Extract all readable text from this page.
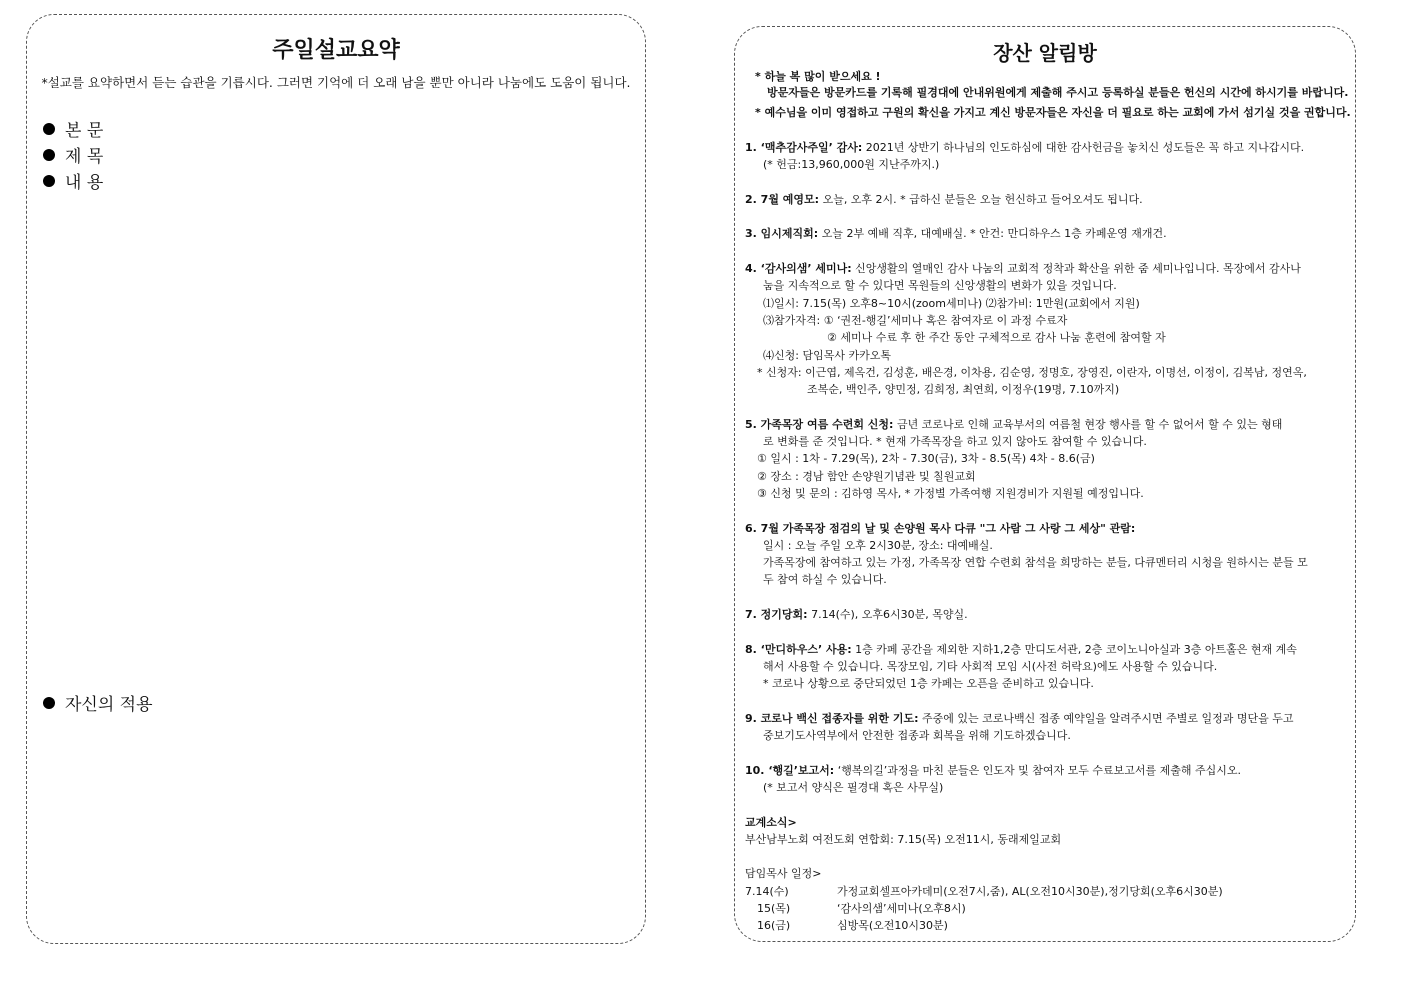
주일설교요약
*설교를 요약하면서 듣는 습관을 기릅시다. 그러면 기억에 더 오래 남을 뿐만 아니라 나눔에도 도움이 됩니다.
본 문
제 목
내 용
자신의 적용
장산 알림방
* 하늘 복 많이 받으세요 !
방문자들은 방문카드를 기록해 필경대에 안내위원에게 제출해 주시고 등록하실 분들은 헌신의 시간에 하시기를 바랍니다.
* 예수님을 이미 영접하고 구원의 확신을 가지고 계신 방문자들은 자신을 더 필요로 하는 교회에 가서 섬기실 것을 권합니다.
1. ‘맥추감사주일’ 감사: 2021년 상반기 하나님의 인도하심에 대한 감사헌금을 놓치신 성도들은 꼭 하고 지나갑시다.
(* 헌금:13,960,000원 지난주까지.)
2. 7월 예영모: 오늘, 오후 2시. * 급하신 분들은 오늘 헌신하고 들어오셔도 됩니다.
3. 임시제직회: 오늘 2부 예배 직후, 대예배실. * 안건: 만디하우스 1층 카페운영 재개건.
4. ‘감사의샘’ 세미나: 신앙생활의 열매인 감사 나눔의 교회적 정착과 확산을 위한 줌 세미나입니다. 목장에서 감사나
눔을 지속적으로 할 수 있다면 목원들의 신앙생활의 변화가 있을 것입니다.
⑴일시: 7.15(목) 오후8~10시(zoom세미나) ⑵참가비: 1만원(교회에서 지원)
⑶참가자격: ① ‘권전-행길’세미나 혹은 참여자로 이 과정 수료자
② 세미나 수료 후 한 주간 동안 구체적으로 감사 나눔 훈련에 참여할 자
⑷신청: 담임목사 카카오톡
* 신청자: 이근엽, 제옥건, 김성훈, 배은경, 이차용, 김순영, 정명호, 장영진, 이란자, 이명선, 이정이, 김복남, 정연옥,
조복순, 백인주, 양민정, 김희정, 최연희, 이정우(19명, 7.10까지)
5. 가족목장 여름 수련회 신청: 금년 코로나로 인해 교육부서의 여름철 현장 행사를 할 수 없어서 할 수 있는 형태
로 변화를 준 것입니다. * 현재 가족목장을 하고 있지 않아도 참여할 수 있습니다.
① 일시 : 1차 - 7.29(목), 2차 - 7.30(금), 3차 - 8.5(목) 4차 - 8.6(금)
② 장소 : 경남 함안 손양원기념관 및 칠원교회
③ 신청 및 문의 : 김하영 목사, * 가정별 가족여행 지원경비가 지원될 예정입니다.
6. 7월 가족목장 점검의 날 및 손양원 목사 다큐 "그 사람 그 사랑 그 세상" 관람:
일시 : 오늘 주일 오후 2시30분, 장소: 대예배실.
가족목장에 참여하고 있는 가정, 가족목장 연합 수련회 참석을 희망하는 분들, 다큐멘터리 시청을 원하시는 분들 모
두 참여 하실 수 있습니다.
7. 정기당회: 7.14(수), 오후6시30분, 목양실.
8. ‘만디하우스’ 사용: 1층 카페 공간을 제외한 지하1,2층 만디도서관, 2층 코이노니아실과 3층 아트홀은 현재 계속
해서 사용할 수 있습니다. 목장모임, 기타 사회적 모임 시(사전 허락요)에도 사용할 수 있습니다.
* 코로나 상황으로 중단되었던 1층 카페는 오픈을 준비하고 있습니다.
9. 코로나 백신 접종자를 위한 기도: 주중에 있는 코로나백신 접종 예약일을 알려주시면 주별로 일정과 명단을 두고
중보기도사역부에서 안전한 접종과 회복을 위해 기도하겠습니다.
10. ‘행길’보고서: ‘행복의길’과정을 마친 분들은 인도자 및 참여자 모두 수료보고서를 제출해 주십시오.
(* 보고서 양식은 필경대 혹은 사무실)
교계소식>
부산남부노회 여전도회 연합회: 7.15(목) 오전11시, 동래제일교회
담임목사 일정>
7.14(수)	가정교회셀프아카데미(오전7시,줌), AL(오전10시30분),정기당회(오후6시30분)
15(목)	‘감사의샘’세미나(오후8시)
16(금)	심방목(오전10시30분)
